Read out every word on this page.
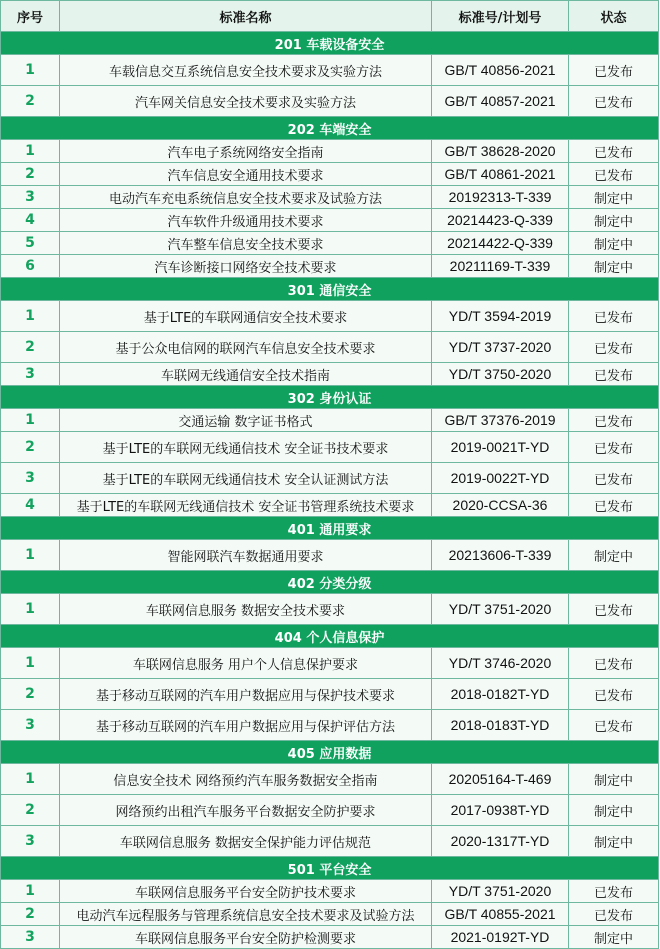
序号	标准名称	标准号/计划号	状态
201 车载设备安全			
1	车载信息交互系统信息安全技术要求及实验方法	GB/T 40856-2021	已发布
2	汽车网关信息安全技术要求及实验方法	GB/T 40857-2021	已发布
202 车端安全			
1	汽车电子系统网络安全指南	GB/T 38628-2020	已发布
2	汽车信息安全通用技术要求	GB/T 40861-2021	已发布
3	电动汽车充电系统信息安全技术要求及试验方法	20192313-T-339	制定中
4	汽车软件升级通用技术要求	20214423-Q-339	制定中
5	汽车整车信息安全技术要求	20214422-Q-339	制定中
6	汽车诊断接口网络安全技术要求	20211169-T-339	制定中
301 通信安全			
1	基于LTE的车联网通信安全技术要求	YD/T 3594-2019	已发布
2	基于公众电信网的联网汽车信息安全技术要求	YD/T 3737-2020	已发布
3	车联网无线通信安全技术指南	YD/T 3750-2020	已发布
302 身份认证			
1	交通运输 数字证书格式	GB/T 37376-2019	已发布
2	基于LTE的车联网无线通信技术 安全证书技术要求	2019-0021T-YD	已发布
3	基于LTE的车联网无线通信技术 安全认证测试方法	2019-0022T-YD	已发布
4	基于LTE的车联网无线通信技术 安全证书管理系统技术要求	2020-CCSA-36	已发布
401 通用要求			
1	智能网联汽车数据通用要求	20213606-T-339	制定中
402 分类分级			
1	车联网信息服务 数据安全技术要求	YD/T 3751-2020	已发布
404 个人信息保护			
1	车联网信息服务 用户个人信息保护要求	YD/T 3746-2020	已发布
2	基于移动互联网的汽车用户数据应用与保护技术要求	2018-0182T-YD	已发布
3	基于移动互联网的汽车用户数据应用与保护评估方法	2018-0183T-YD	已发布
405 应用数据			
1	信息安全技术 网络预约汽车服务数据安全指南	20205164-T-469	制定中
2	网络预约出租汽车服务平台数据安全防护要求	2017-0938T-YD	制定中
3	车联网信息服务 数据安全保护能力评估规范	2020-1317T-YD	制定中
501 平台安全			
1	车联网信息服务平台安全防护技术要求	YD/T 3751-2020	已发布
2	电动汽车远程服务与管理系统信息安全技术要求及试验方法	GB/T 40855-2021	已发布
3	车联网信息服务平台安全防护检测要求	2021-0192T-YD	制定中
